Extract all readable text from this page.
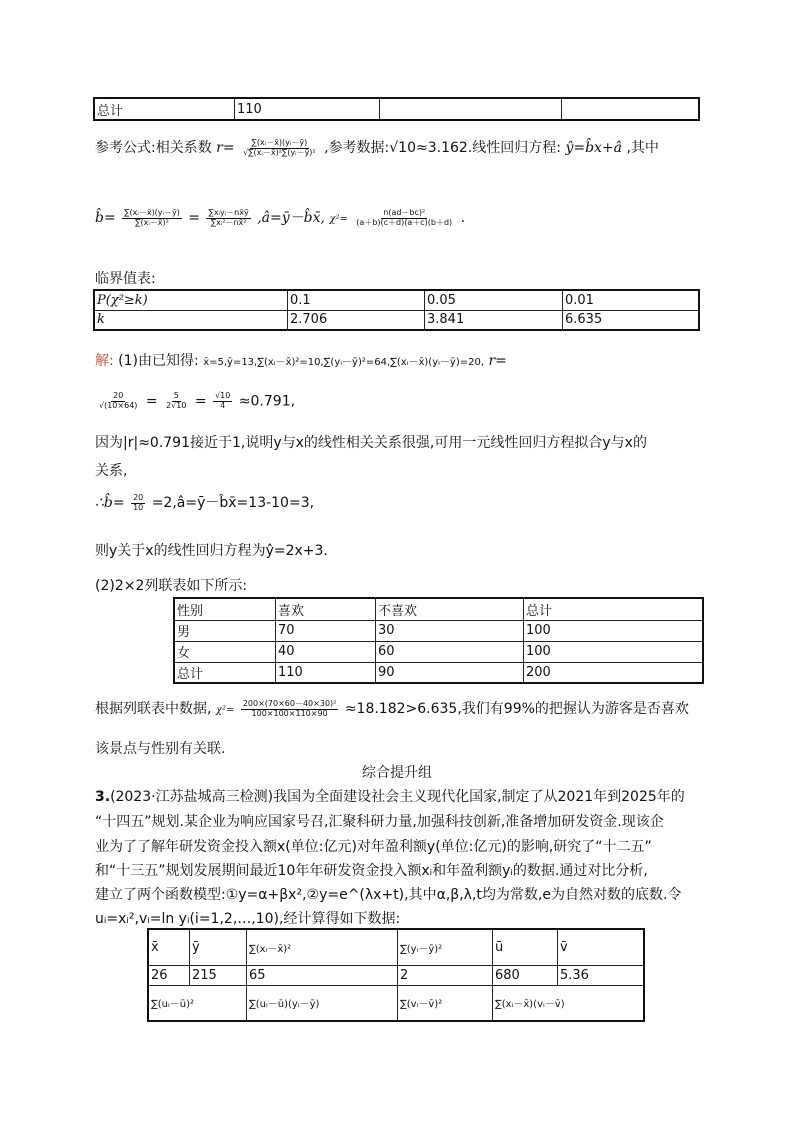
总计	110		
参考公式:相关系数 $r= \frac{\text{∑(xᵢ－x̄)(yᵢ－ȳ)}}{\text{√∑(xᵢ－x̄)²∑(yᵢ－ȳ)²}}$ ,参考数据:√10≈3.162.线性回归方程: ŷ=b̂x+â ,其中
b̂= $\frac{\text{∑(xᵢ－x̄)(yᵢ－ȳ)}}{\text{∑(xᵢ－x̄)²}} = \frac{\text{∑xᵢyᵢ－nx̄ȳ}}{\text{∑xᵢ²－nx̄²}}$ ,â=ȳ－b̂x̄, $\chi^2= \frac{\text{n(ad－bc)²}}{(a+b)(c+d)(a+c)(b+d)}$ .
临界值表:
P(χ²≥k)	0.1	0.05	0.01
k	2.706	3.841	6.635
解: (1)由已知得: x̄=5,ȳ=13,∑(xᵢ－x̄)²=10,∑(yᵢ－ȳ)²=64,∑(xᵢ－x̄)(yᵢ－ȳ)=20, r=
$\frac{20}{√(10\times 64)} = \frac{5}{2√10} = \frac{√10}{4} \approx 0.791$,
因为|r|≈0.791接近于1,说明y与x的线性相关关系很强,可用一元线性回归方程拟合y与x的
关系,
∴b̂= $\frac{20}{10}$ =2,â=ȳ－b̂x̄=13-10=3,
则y关于x的线性回归方程为ŷ=2x+3.
(2)2×2列联表如下所示:
性别	喜欢	不喜欢	总计
男	70	30	100
女	40	60	100
总计	110	90	200
根据列联表中数据, $\chi^2= \frac{\text{200×(70×60－40×30)²}}{100\times 100\times 110\times 90} \approx 18.182>6.635$,我们有99%的把握认为游客是否喜欢
该景点与性别有关联.
综合提升组
3.(2023·江苏盐城高三检测)我国为全面建设社会主义现代化国家,制定了从2021年到2025年的
“十四五”规划.某企业为响应国家号召,汇聚科研力量,加强科技创新,准备增加研发资金.现该企
业为了了解年研发资金投入额x(单位:亿元)对年盈利额y(单位:亿元)的影响,研究了“十二五”
和“十三五”规划发展期间最近10年年研发资金投入额xᵢ和年盈利额yᵢ的数据.通过对比分析,
建立了两个函数模型:①y=α+βx²,②y=e^(λx+t),其中α,β,λ,t均为常数,e为自然对数的底数.令
uᵢ=xᵢ²,vᵢ=ln yᵢ(i=1,2,…,10),经计算得如下数据:
x̄	ȳ	∑(xᵢ－x̄)²	∑(yᵢ－ȳ)²	ū	v̄
26	215	65	2	680	5.36
∑(uᵢ－ū)²		∑(uᵢ－ū)(yᵢ－ȳ)	∑(vᵢ－v̄)²	∑(xᵢ－x̄)(vᵢ－v̄)	
